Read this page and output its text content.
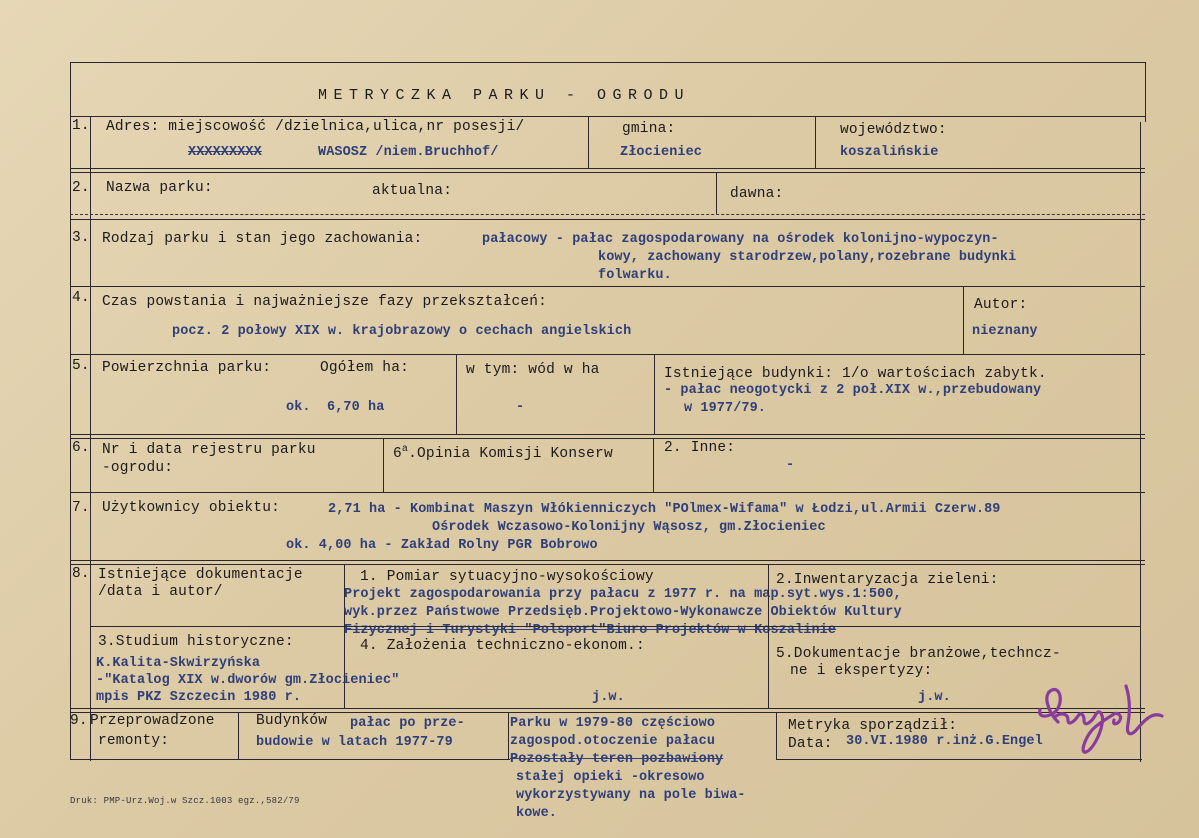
METRYCZKA PARKU - OGRODU
1. Adres: miejscowość /dzielnica,ulica,nr posesji/
XXXXXXXXX	WASOSZ /niem.Bruchhof/
gmina:
Złocieniec
województwo:
koszalińskie
2. Nazwa parku:	aktualna:	dawna:
3. Rodzaj parku i stan jego zachowania:	pałacowy - pałac zagospodarowany na ośrodek kolonijno-wypoczyn-
kowy, zachowany starodrzew,polany,rozebrane budynki
folwarku.
4. Czas powstania i najważniejsze fazy przekształceń:
pocz. 2 połowy XIX w. krajobrazowy o cechach angielskich
Autor:
nieznany
5. Powierzchnia parku:	Ogółem ha:
ok.  6,70 ha
w tym: wód w ha
-
Istniejące budynki: 1/o wartościach zabytk.
- pałac neogotycki z 2 poł.XIX w.,przebudowany
w 1977/79.
6. Nr i data rejestru parku
-ogrodu:
6$^a$.Opinia Komisji Konserw	2. Inne:
-
7. Użytkownicy obiektu:	2,71 ha - Kombinat Maszyn Włókienniczych "POlmex-Wifama" w Łodzi,ul.Armii Czerw.89
Ośrodek Wczasowo-Kolonijny Wąsosz, gm.Złocieniec
ok. 4,00 ha - Zakład Rolny PGR Bobrowo
8. Istniejące dokumentacje
/data i autor/
1. Pomiar sytuacyjno-wysokościowy
Projekt zagospodarowania przy pałacu z 1977 r. na map.syt.wys.1:500,
wyk.przez Państwowe Przedsięb.Projektowo-Wykonawcze Obiektów Kultury
Fizycznej i Turystyki "Polsport"Biuro Projektów w Koszalinie
2.Inwentaryzacja zieleni:
3.Studium historyczne:
K.Kalita-Skwirzyńska
-"Katalog XIX w.dworów gm.Złocieniec"
mpis PKZ Szczecin 1980 r.
4. Założenia techniczno-ekonom.:
j.w.
5.Dokumentacje branżowe,techncz-
ne i ekspertyzy:
j.w.
9. Przeprowadzone
remonty:
Budynków pałac po prze-
budowie w latach 1977-79
Parku w 1979-80 częściowo
zagospod.otoczenie pałacu
Pozostały teren pozbawiony
stałej opieki -okresowo
wykorzystywany na pole biwa-
kowe.
Metryka sporządził:
Data: 30.VI.1980 r.inż.G.Engel
Druk: PMP-Urz.Woj.w Szcz.1003 egz.,582/79
